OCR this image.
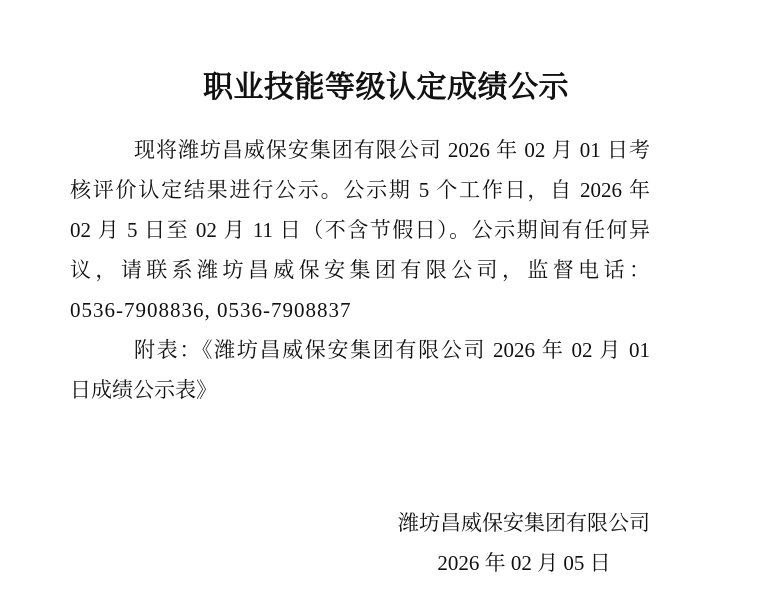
职业技能等级认定成绩公示
现将潍坊昌威保安集团有限公司 2026 年 02 月 01 日考
核评价认定结果进行公示。公示期 5 个工作日，自 2026 年
02 月 5 日至 02 月 11 日（不含节假日）。公示期间有任何异
议，请联系潍坊昌威保安集团有限公司，监督电话：
0536-7908836, 0536-7908837
附表：《潍坊昌威保安集团有限公司 2026 年 02 月 01
日成绩公示表》
潍坊昌威保安集团有限公司
2026 年 02 月 05 日
